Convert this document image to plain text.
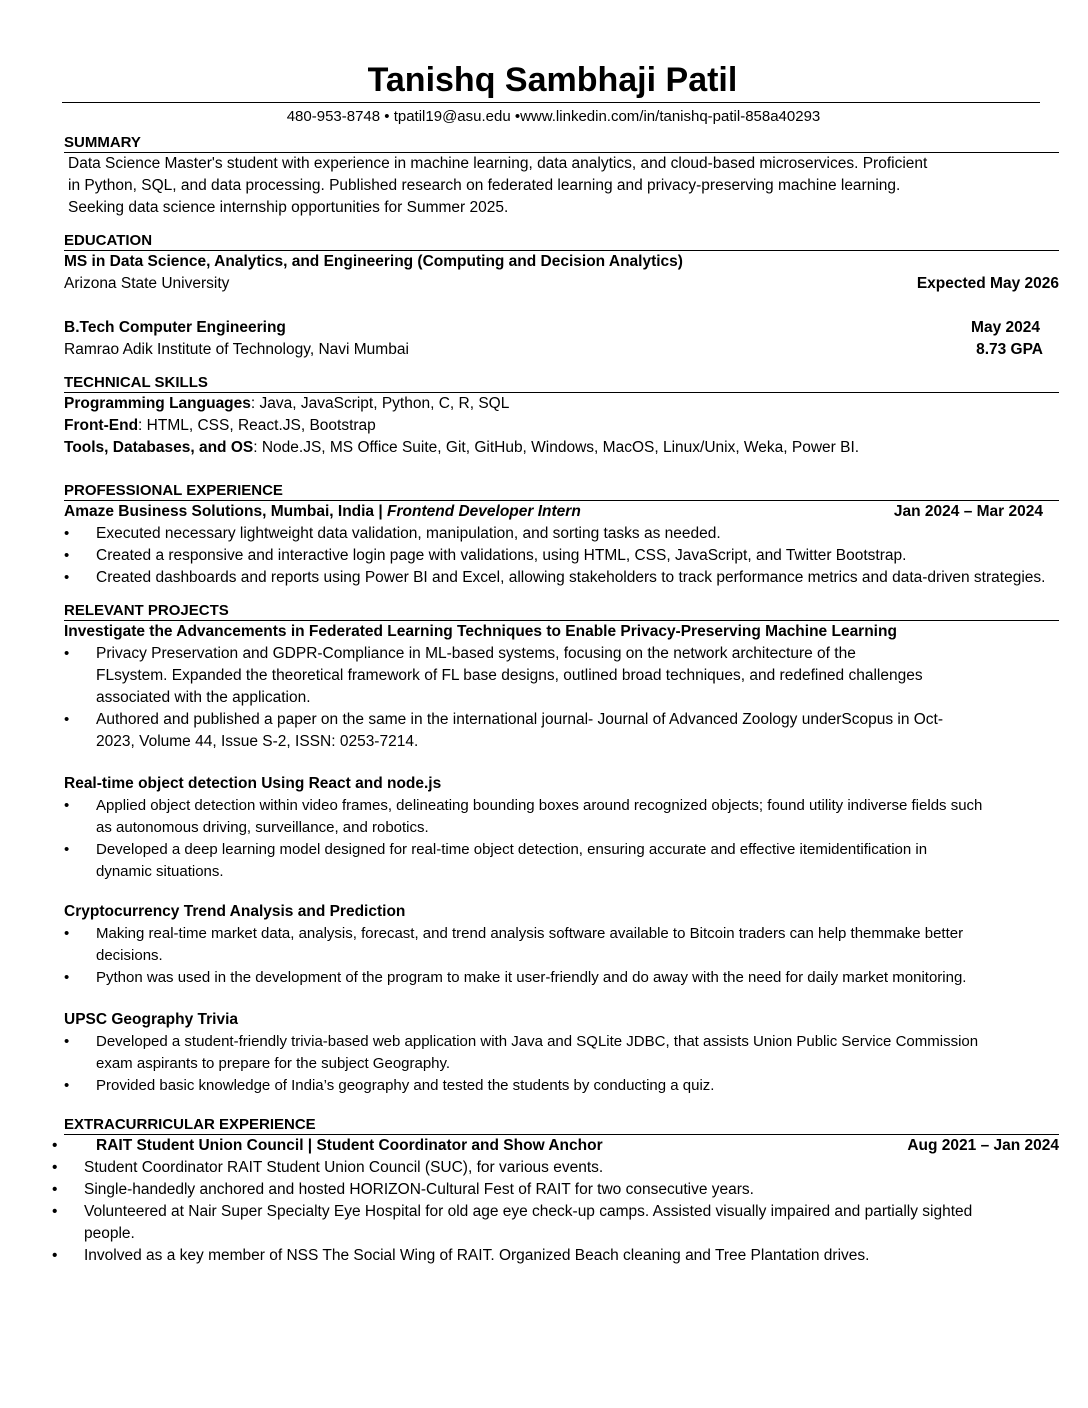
Tanishq Sambhaji Patil
480-953-8748 • tpatil19@asu.edu •www.linkedin.com/in/tanishq-patil-858a40293
SUMMARY
Data Science Master's student with experience in machine learning, data analytics, and cloud-based microservices. Proficient
in Python, SQL, and data processing. Published research on federated learning and privacy-preserving machine learning.
Seeking data science internship opportunities for Summer 2025.
EDUCATION
MS in Data Science, Analytics, and Engineering (Computing and Decision Analytics)
Arizona State University	Expected May 2026
B.Tech Computer Engineering	May 2024
Ramrao Adik Institute of Technology, Navi Mumbai	8.73 GPA
TECHNICAL SKILLS
Programming Languages: Java, JavaScript, Python, C, R, SQL
Front-End: HTML, CSS, React.JS, Bootstrap
Tools, Databases, and OS: Node.JS, MS Office Suite, Git, GitHub, Windows, MacOS, Linux/Unix, Weka, Power BI.
PROFESSIONAL EXPERIENCE
Amaze Business Solutions, Mumbai, India | Frontend Developer Intern	Jan 2024 – Mar 2024
• Executed necessary lightweight data validation, manipulation, and sorting tasks as needed.
• Created a responsive and interactive login page with validations, using HTML, CSS, JavaScript, and Twitter Bootstrap.
• Created dashboards and reports using Power BI and Excel, allowing stakeholders to track performance metrics and data-driven strategies.
RELEVANT PROJECTS
Investigate the Advancements in Federated Learning Techniques to Enable Privacy-Preserving Machine Learning
• Privacy Preservation and GDPR-Compliance in ML-based systems, focusing on the network architecture of the FLsystem. Expanded the theoretical framework of FL base designs, outlined broad techniques, and redefined challenges associated with the application.
• Authored and published a paper on the same in the international journal- Journal of Advanced Zoology underScopus in Oct-2023, Volume 44, Issue S-2, ISSN: 0253-7214.
Real-time object detection Using React and node.js
• Applied object detection within video frames, delineating bounding boxes around recognized objects; found utility indiverse fields such as autonomous driving, surveillance, and robotics.
• Developed a deep learning model designed for real-time object detection, ensuring accurate and effective itemidentification in dynamic situations.
Cryptocurrency Trend Analysis and Prediction
• Making real-time market data, analysis, forecast, and trend analysis software available to Bitcoin traders can help themmake better decisions.
• Python was used in the development of the program to make it user-friendly and do away with the need for daily market monitoring.
UPSC Geography Trivia
• Developed a student-friendly trivia-based web application with Java and SQLite JDBC, that assists Union Public Service Commission exam aspirants to prepare for the subject Geography.
• Provided basic knowledge of India’s geography and tested the students by conducting a quiz.
EXTRACURRICULAR EXPERIENCE
• RAIT Student Union Council | Student Coordinator and Show Anchor	Aug 2021 – Jan 2024
• Student Coordinator RAIT Student Union Council (SUC), for various events.
• Single-handedly anchored and hosted HORIZON-Cultural Fest of RAIT for two consecutive years.
• Volunteered at Nair Super Specialty Eye Hospital for old age eye check-up camps. Assisted visually impaired and partially sighted people.
• Involved as a key member of NSS The Social Wing of RAIT. Organized Beach cleaning and Tree Plantation drives.
